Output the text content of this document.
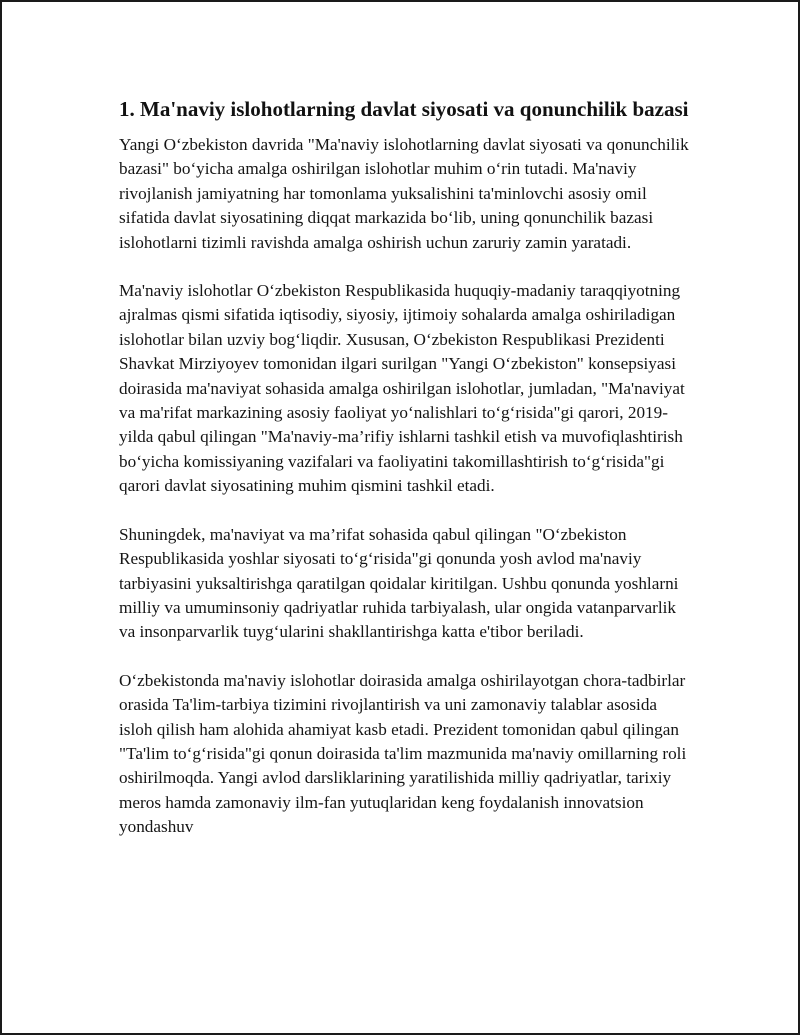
1. Ma'naviy islohotlarning davlat siyosati va qonunchilik bazasi

Yangi O‘zbekiston davrida "Ma'naviy islohotlarning davlat siyosati va qonunchilik bazasi" bo‘yicha amalga oshirilgan islohotlar muhim o‘rin tutadi. Ma'naviy rivojlanish jamiyatning har tomonlama yuksalishini ta'minlovchi asosiy omil sifatida davlat siyosatining diqqat markazida bo‘lib, uning qonunchilik bazasi islohotlarni tizimli ravishda amalga oshirish uchun zaruriy zamin yaratadi.

Ma'naviy islohotlar O‘zbekiston Respublikasida huquqiy-madaniy taraqqiyotning ajralmas qismi sifatida iqtisodiy, siyosiy, ijtimoiy sohalarda amalga oshiriladigan islohotlar bilan uzviy bog‘liqdir. Xususan, O‘zbekiston Respublikasi Prezidenti Shavkat Mirziyoyev tomonidan ilgari surilgan "Yangi O‘zbekiston" konsepsiyasi doirasida ma'naviyat sohasida amalga oshirilgan islohotlar, jumladan, "Ma'naviyat va ma'rifat markazining asosiy faoliyat yo‘nalishlari to‘g‘risida"gi qarori, 2019-yilda qabul qilingan "Ma'naviy-ma’rifiy ishlarni tashkil etish va muvofiqlashtirish bo‘yicha komissiyaning vazifalari va faoliyatini takomillashtirish to‘g‘risida"gi qarori davlat siyosatining muhim qismini tashkil etadi.

Shuningdek, ma'naviyat va ma’rifat sohasida qabul qilingan "O‘zbekiston Respublikasida yoshlar siyosati to‘g‘risida"gi qonunda yosh avlod ma'naviy tarbiyasini yuksaltirishga qaratilgan qoidalar kiritilgan. Ushbu qonunda yoshlarni milliy va umuminsoniy qadriyatlar ruhida tarbiyalash, ular ongida vatanparvarlik va insonparvarlik tuyg‘ularini shakllantirishga katta e'tibor beriladi.

O‘zbekistonda ma'naviy islohotlar doirasida amalga oshirilayotgan chora-tadbirlar orasida Ta'lim-tarbiya tizimini rivojlantirish va uni zamonaviy talablar asosida isloh qilish ham alohida ahamiyat kasb etadi. Prezident tomonidan qabul qilingan "Ta'lim to‘g‘risida"gi qonun doirasida ta'lim mazmunida ma'naviy omillarning roli oshirilmoqda. Yangi avlod darsliklarining yaratilishida milliy qadriyatlar, tarixiy meros hamda zamonaviy ilm-fan yutuqlaridan keng foydalanish innovatsion yondashuv
